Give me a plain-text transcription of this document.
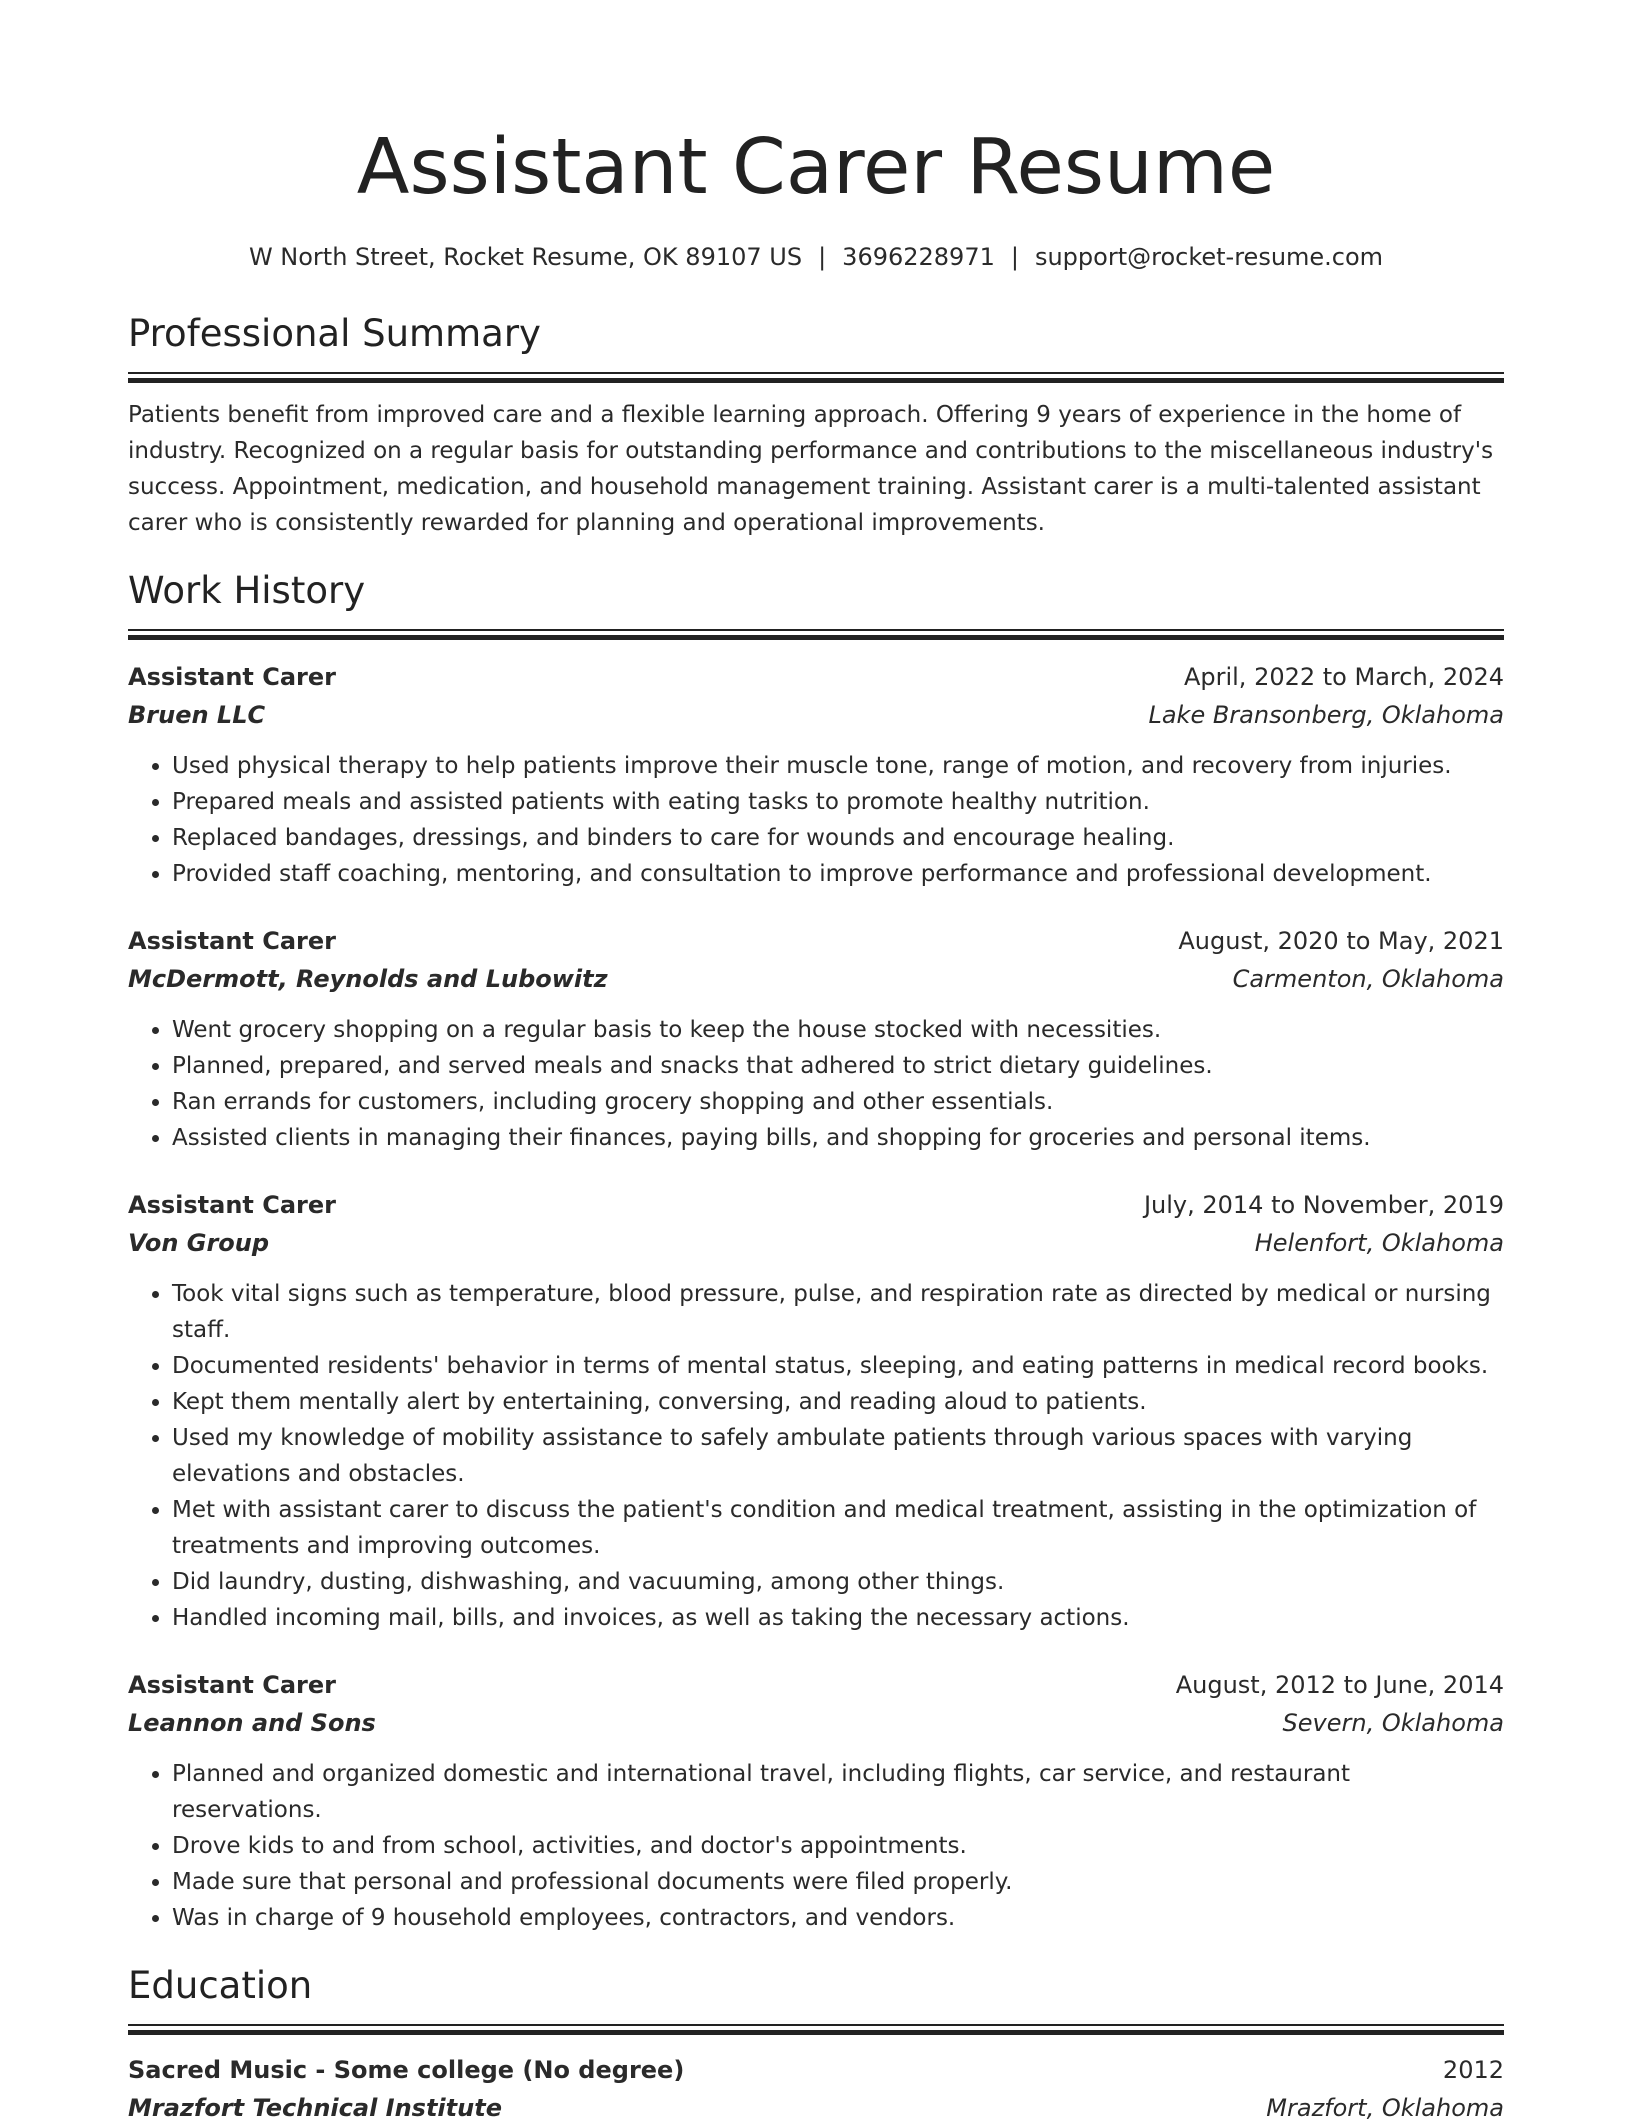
Assistant Carer Resume
W North Street, Rocket Resume, OK 89107 US | 3696228971 | support@rocket-resume.com
Professional Summary

Patients benefit from improved care and a flexible learning approach. Offering 9 years of experience in the home of industry. Recognized on a regular basis for outstanding performance and contributions to the miscellaneous industry's success. Appointment, medication, and household management training. Assistant carer is a multi-talented assistant carer who is consistently rewarded for planning and operational improvements.

Work History
Assistant Carer	April, 2022 to March, 2024
Bruen LLC	Lake Bransonberg, Oklahoma
• Used physical therapy to help patients improve their muscle tone, range of motion, and recovery from injuries.
• Prepared meals and assisted patients with eating tasks to promote healthy nutrition.
• Replaced bandages, dressings, and binders to care for wounds and encourage healing.
• Provided staff coaching, mentoring, and consultation to improve performance and professional development.
Assistant Carer	August, 2020 to May, 2021
McDermott, Reynolds and Lubowitz	Carmenton, Oklahoma
• Went grocery shopping on a regular basis to keep the house stocked with necessities.
• Planned, prepared, and served meals and snacks that adhered to strict dietary guidelines.
• Ran errands for customers, including grocery shopping and other essentials.
• Assisted clients in managing their finances, paying bills, and shopping for groceries and personal items.
Assistant Carer	July, 2014 to November, 2019
Von Group	Helenfort, Oklahoma
• Took vital signs such as temperature, blood pressure, pulse, and respiration rate as directed by medical or nursing staff.
• Documented residents' behavior in terms of mental status, sleeping, and eating patterns in medical record books.
• Kept them mentally alert by entertaining, conversing, and reading aloud to patients.
• Used my knowledge of mobility assistance to safely ambulate patients through various spaces with varying elevations and obstacles.
• Met with assistant carer to discuss the patient's condition and medical treatment, assisting in the optimization of treatments and improving outcomes.
• Did laundry, dusting, dishwashing, and vacuuming, among other things.
• Handled incoming mail, bills, and invoices, as well as taking the necessary actions.
Assistant Carer	August, 2012 to June, 2014
Leannon and Sons	Severn, Oklahoma
• Planned and organized domestic and international travel, including flights, car service, and restaurant reservations.
• Drove kids to and from school, activities, and doctor's appointments.
• Made sure that personal and professional documents were filed properly.
• Was in charge of 9 household employees, contractors, and vendors.
Education
Sacred Music - Some college (No degree)	2012
Mrazfort Technical Institute	Mrazfort, Oklahoma
